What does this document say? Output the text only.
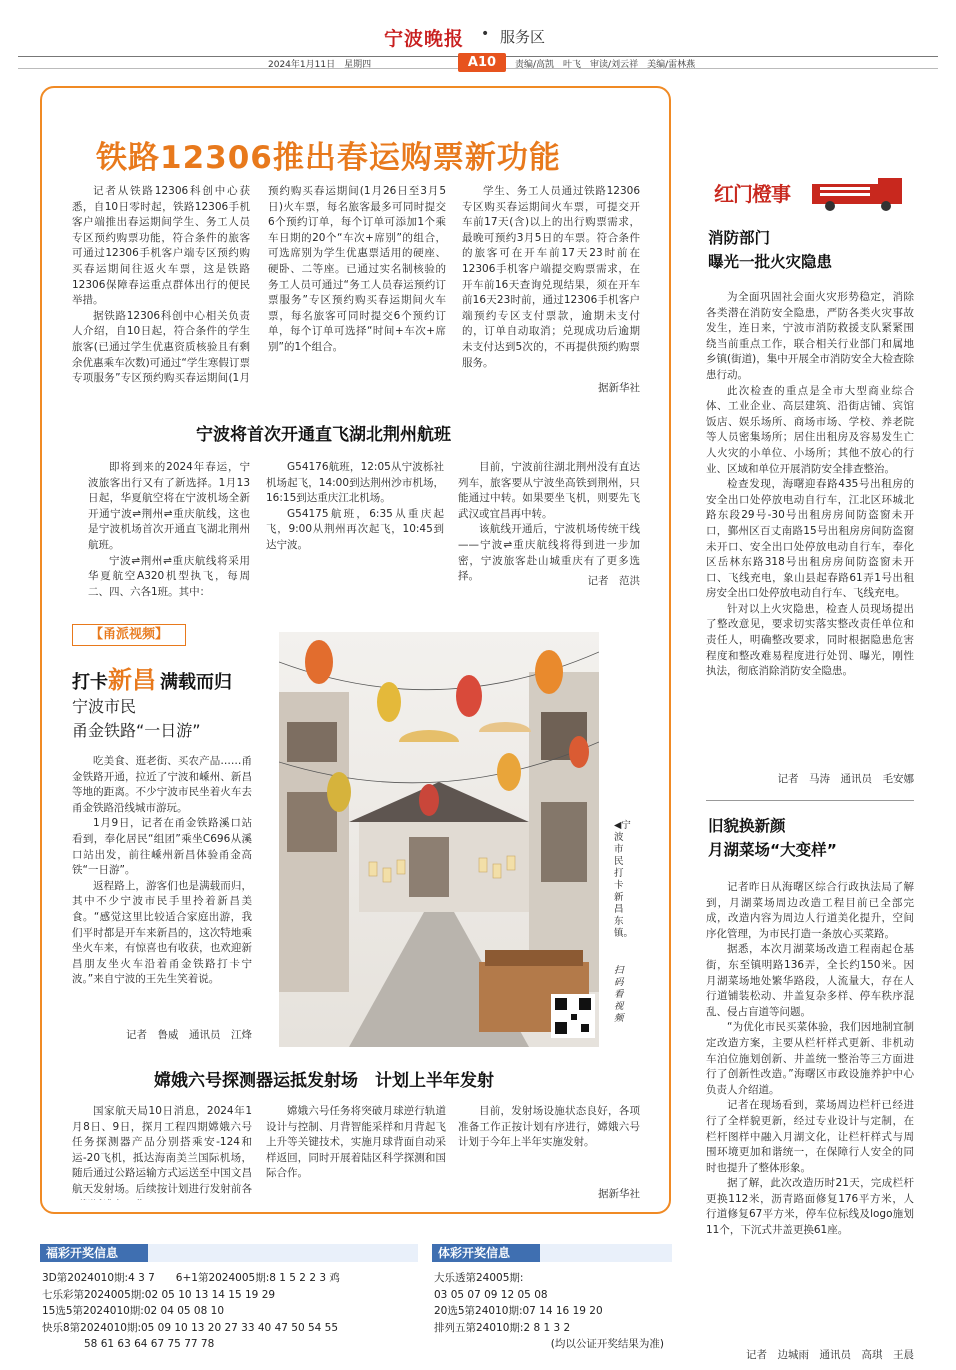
宁波晚报 • 服务区
2024年1月11日　星期四	A10	责编/高凯　叶飞　审读/刘云祥　美编/雷林燕
铁路12306推出春运购票新功能

记者从铁路12306科创中心获悉，自10日零时起，铁路12306手机客户端推出春运期间学生、务工人员专区预约购票功能，符合条件的旅客可通过12306手机客户端专区预约购买春运期间往返火车票，这是铁路12306保障春运重点群体出行的便民举措。

据铁路12306科创中心相关负责人介绍，自10日起，符合条件的学生旅客(已通过学生优惠资质核验且有剩余优惠乘车次数)可通过“学生寒假订票专项服务”专区预约购买春运期间(1月

预约购买春运期间(1月26日至3月5日)火车票，每名旅客最多可同时提交6个预约订单，每个订单可添加1个乘车日期的20个“车次+席别”的组合，可选席别为学生优惠票适用的硬座、硬卧、二等座。已通过实名制核验的务工人员可通过“务工人员春运预约订票服务”专区预约购买春运期间火车票，每名旅客可同时提交6个预约订单，每个订单可选择“时间+车次+席别”的1个组合。

学生、务工人员通过铁路12306专区购买春运期间火车票，可提交开车前17天(含)以上的出行购票需求，最晚可预约3月5日的车票。符合条件的旅客可在开车前17天23时前在12306手机客户端提交购票需求，在开车前16天查询兑现结果，须在开车前16天23时前，通过12306手机客户端预约专区支付票款，逾期未支付的，订单自动取消；兑现成功后逾期未支付达到5次的，不再提供预约购票服务。

据新华社
宁波将首次开通直飞湖北荆州航班

即将到来的2024年春运，宁波旅客出行又有了新选择。1月13日起，华夏航空将在宁波机场全新开通宁波⇌荆州⇌重庆航线，这也是宁波机场首次开通直飞湖北荆州航班。

宁波⇌荆州⇌重庆航线将采用华夏航空A320机型执飞，每周二、四、六各1班。其中：

G54176航班，12:05从宁波栎社机场起飞，14:00到达荆州沙市机场，16:15到达重庆江北机场。

G54175航班，6:35从重庆起飞，9:00从荆州再次起飞，10:45到达宁波。

目前，宁波前往湖北荆州没有直达列车，旅客要从宁波坐高铁到荆州，只能通过中转。如果要坐飞机，则要先飞武汉或宜昌再中转。

该航线开通后，宁波机场传统干线——宁波⇌重庆航线将得到进一步加密，宁波旅客赴山城重庆有了更多选择。	记者　范洪
【甬派视频】
打卡新昌 满载而归
宁波市民
甬金铁路“一日游”

吃美食、逛老街、买农产品……甬金铁路开通，拉近了宁波和嵊州、新昌等地的距离。不少宁波市民坐着火车去甬金铁路沿线城市游玩。

1月9日，记者在甬金铁路溪口站看到，奉化居民“组团”乘坐C696从溪口站出发，前往嵊州新昌体验甬金高铁“一日游”。

返程路上，游客们也是满载而归，其中不少宁波市民手里拎着新昌美食。“感觉这里比较适合家庭出游，我们平时都是开车来新昌的，这次特地乘坐火车来，有惊喜也有收获，也欢迎新昌朋友坐火车沿着甬金铁路打卡宁波。”来自宁波的王先生笑着说。

记者　鲁威　通讯员　江烽
◀宁波市民打卡新昌东镇。
扫码看视频
嫦娥六号探测器运抵发射场　计划上半年发射

国家航天局10日消息，2024年1月8日、9日，探月工程四期嫦娥六号任务探测器产品分别搭乘安-124和运-20飞机，抵达海南美兰国际机场，随后通过公路运输方式运送至中国文昌航天发射场。后续按计划进行发射前各

嫦娥六号任务将突破月球逆行轨道设计与控制、月背智能采样和月背起飞上升等关键技术，实施月球背面自动采样返回，同时开展着陆区科学探测和国际合作。

目前，发射场设施状态良好，各项准备工作正按计划有序进行，嫦娥六号计划于今年上半年实施发射。

据新华社
红门橙事
消防部门
曝光一批火灾隐患

为全面巩固社会面火灾形势稳定，消除各类潜在消防安全隐患，严防各类火灾事故发生，连日来，宁波市消防救援支队紧紧围绕当前重点工作，联合相关行业部门和属地乡镇(街道)，集中开展全市消防安全大检查除患行动。

此次检查的重点是全市大型商业综合体、工业企业、高层建筑、沿街店铺、宾馆饭店、娱乐场所、商场市场、学校、养老院等人员密集场所；居住出租房及容易发生亡人火灾的小单位、小场所；其他不放心的行业、区域和单位开展消防安全排查整治。

检查发现，海曙迎春路435号出租房的安全出口处停放电动自行车，江北区环城北路东段29号-30号出租房房间防盗窗未开口，鄞州区百丈南路15号出租房房间防盗窗未开口、安全出口处停放电动自行车，奉化区岳林东路318号出租房房间防盗窗未开口、飞线充电，象山县起春路61弄1号出租房安全出口处停放电动自行车、飞线充电。

针对以上火灾隐患，检查人员现场提出了整改意见，要求切实落实整改责任单位和责任人，明确整改要求，同时根据隐患危害程度和整改难易程度进行处罚、曝光，刚性执法，彻底消除消防安全隐患。

记者　马涛　通讯员　毛安娜
旧貌换新颜
月湖菜场“大变样”

记者昨日从海曙区综合行政执法局了解到，月湖菜场周边改造工程目前已全部完成，改造内容为周边人行道美化提升，空间序化管理，为市民打造一条放心买菜路。

据悉，本次月湖菜场改造工程南起仓基街，东至镇明路136弄，全长约150米。因月湖菜场地处繁华路段，人流量大，存在人行道铺装松动、井盖复杂多样、停车秩序混乱、侵占盲道等问题。

“为优化市民买菜体验，我们因地制宜制定改造方案，主要从栏杆样式更新、非机动车泊位施划创新、井盖统一整治等三方面进行了创新性改造。”海曙区市政设施养护中心负责人介绍道。

记者在现场看到，菜场周边栏杆已经进行了全样貌更新，经过专业设计与定制，在栏杆图样中融入月湖文化，让栏杆样式与周围环境更加和谐统一，在保障行人安全的同时也提升了整体形象。

据了解，此次改造历时21天，完成栏杆更换112米，沥青路面修复176平方米，人行道修复67平方米，停车位标线及logo施划11个，下沉式井盖更换61座。

记者　边城雨　通讯员　高琪　王晨
福彩开奖信息	体彩开奖信息
3D第2024010期:4 3 7　　6+1第2024005期:8 1 5 2 2 3 鸡
七乐彩第2024005期:02 05 10 13 14 15 19 29
15选5第2024010期:02 04 05 08 10
快乐8第2024010期:05 09 10 13 20 27 33 40 47 50 54 55
　　　　58 61 63 64 67 75 77 78
大乐透第24005期:
03 05 07 09 12 05 08
20选5第24010期:07 14 16 19 20
排列五第24010期:2 8 1 3 2
(均以公证开奖结果为准)
